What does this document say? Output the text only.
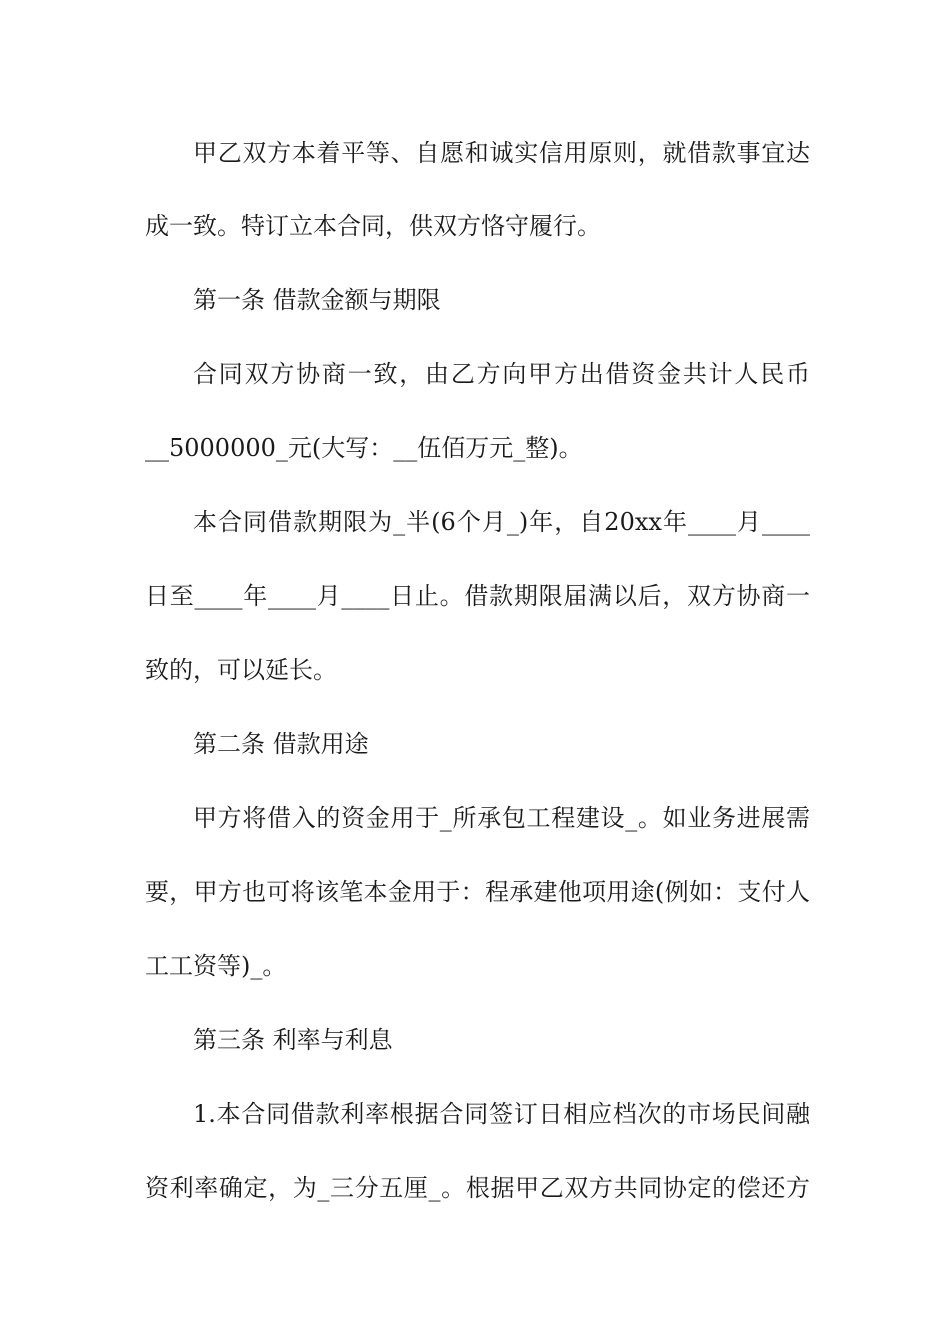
甲乙双方本着平等、自愿和诚实信用原则，就借款事宜达
成一致。特订立本合同，供双方恪守履行。
第一条 借款金额与期限
合同双方协商一致，由乙方向甲方出借资金共计人民币
__5000000_元(大写：__伍佰万元_整)。
本合同借款期限为_半(6个月_)年，自20xx年____月____
日至____年____月____日止。借款期限届满以后，双方协商一
致的，可以延长。
第二条 借款用途
甲方将借入的资金用于_所承包工程建设_。如业务进展需
要，甲方也可将该笔本金用于：程承建他项用途(例如：支付人
工工资等)_。
第三条 利率与利息
1.本合同借款利率根据合同签订日相应档次的市场民间融
资利率确定，为_三分五厘_。根据甲乙双方共同协定的偿还方
